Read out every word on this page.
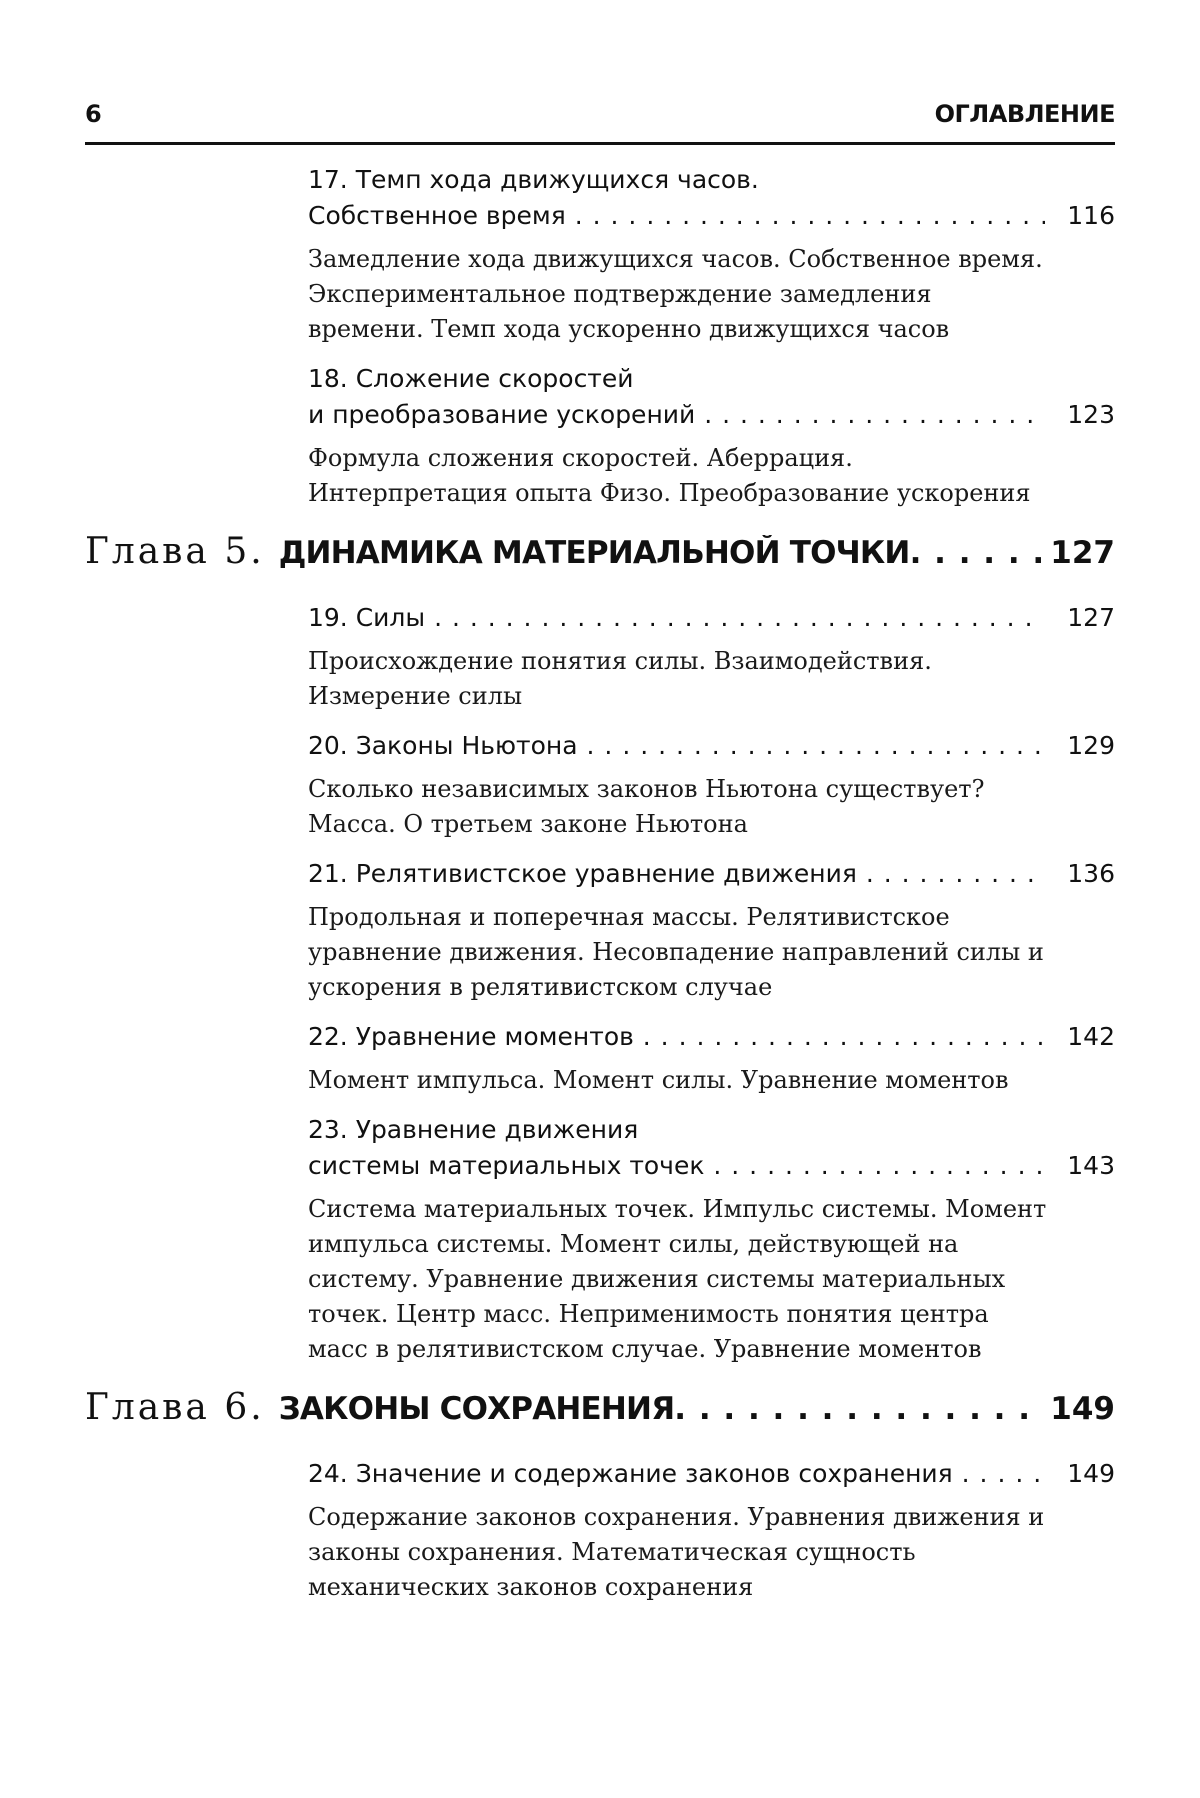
6	ОГЛАВЛЕНИЕ
17. Темп хода движущихся часов.
Собственное время . . .	116
Замедление хода движущихся часов. Собственное время. Экспериментальное подтверждение замедления времени. Темп хода ускоренно движущихся часов
18. Сложение скоростей
и преобразование ускорений . . .	123
Формула сложения скоростей. Аберрация. Интерпретация опыта Физо. Преобразование ускорения
Глава 5. ДИНАМИКА МАТЕРИАЛЬНОЙ ТОЧКИ . . .	127
19. Силы . . .	127
Происхождение понятия силы. Взаимодействия. Измерение силы
20. Законы Ньютона . . .	129
Сколько независимых законов Ньютона существует? Масса. О третьем законе Ньютона
21. Релятивистское уравнение движения . . .	136
Продольная и поперечная массы. Релятивистское уравнение движения. Несовпадение направлений силы и ускорения в релятивистском случае
22. Уравнение моментов . . .	142
Момент импульса. Момент силы. Уравнение моментов
23. Уравнение движения
системы материальных точек . . .	143
Система материальных точек. Импульс системы. Момент импульса системы. Момент силы, действующей на систему. Уравнение движения системы материальных точек. Центр масс. Неприменимость понятия центра масс в релятивистском случае. Уравнение моментов
Глава 6. ЗАКОНЫ СОХРАНЕНИЯ . . .	149
24. Значение и содержание законов сохранения . . .	149
Содержание законов сохранения. Уравнения движения и законы сохранения. Математическая сущность механических законов сохранения
